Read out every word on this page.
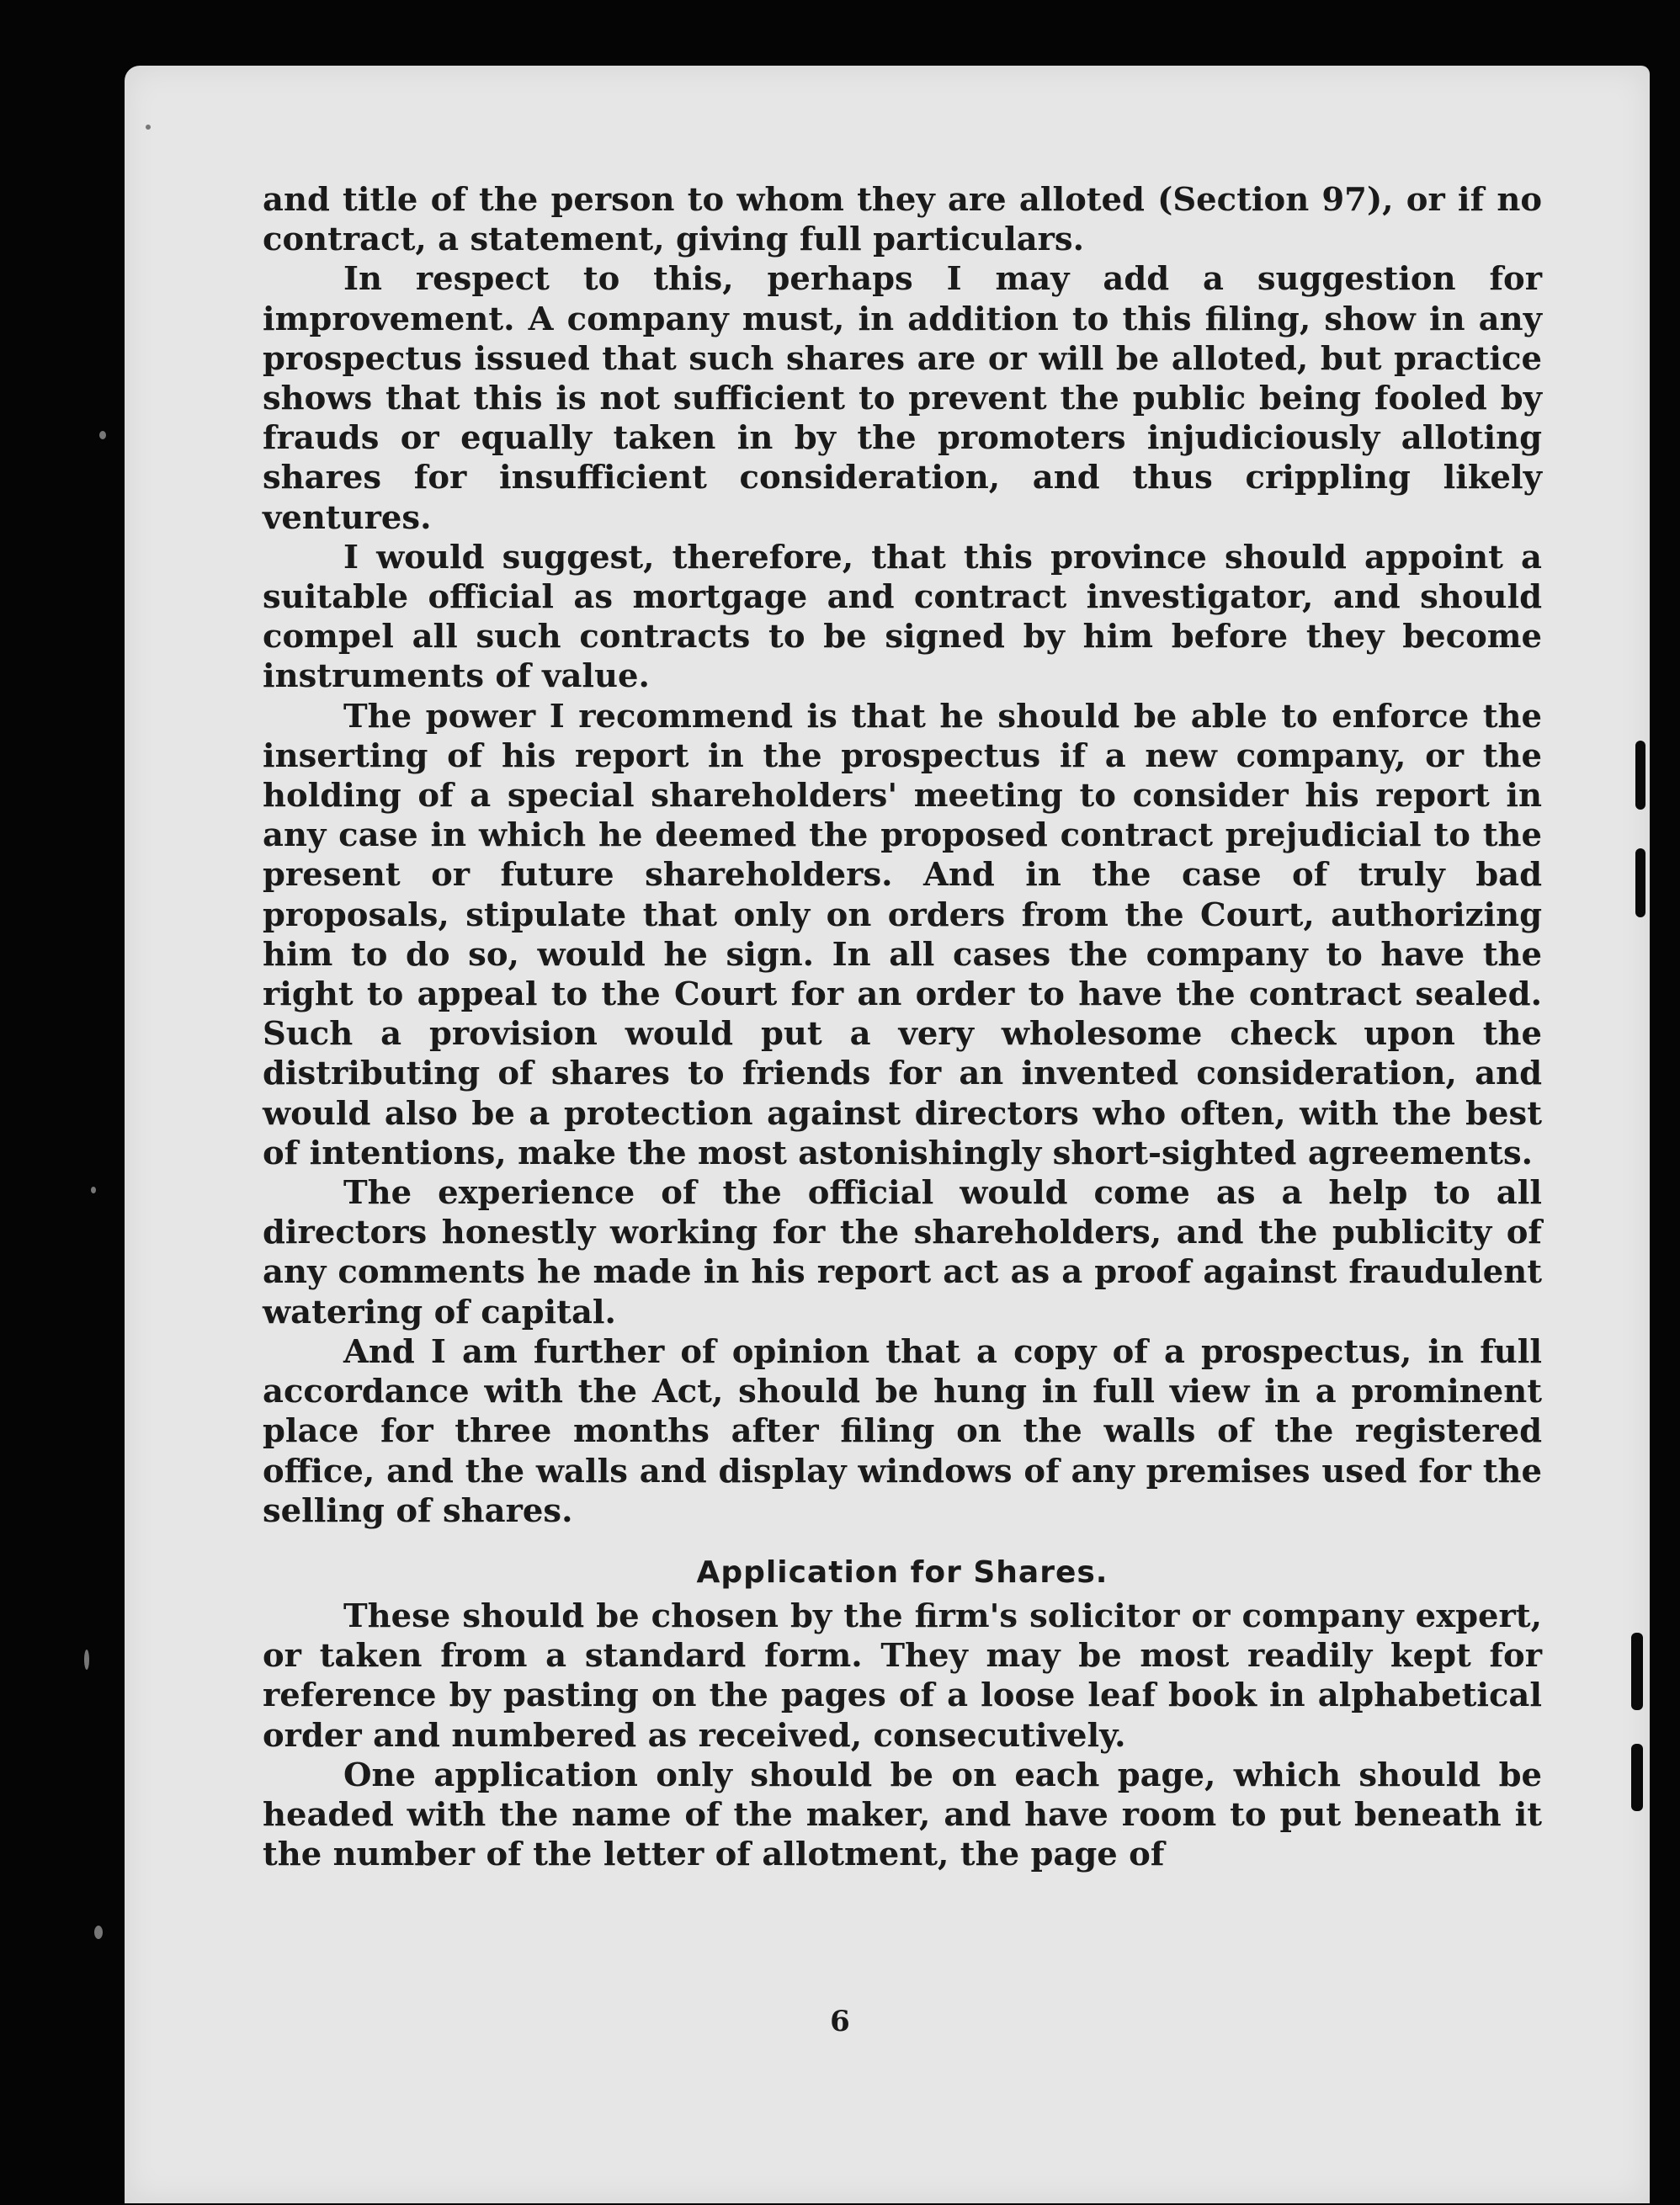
and title of the person to whom they are alloted (Section 97), or if no contract, a statement, giving full particulars.

In respect to this, perhaps I may add a suggestion for improvement. A company must, in addition to this filing, show in any prospectus issued that such shares are or will be alloted, but practice shows that this is not sufficient to prevent the public being fooled by frauds or equally taken in by the promoters injudiciously alloting shares for insufficient consideration, and thus crippling likely ventures.

I would suggest, therefore, that this province should appoint a suitable official as mortgage and contract investigator, and should compel all such contracts to be signed by him before they become instruments of value.

The power I recommend is that he should be able to enforce the inserting of his report in the prospectus if a new company, or the holding of a special shareholders' meeting to consider his report in any case in which he deemed the proposed contract prejudicial to the present or future shareholders. And in the case of truly bad proposals, stipulate that only on orders from the Court, authorizing him to do so, would he sign. In all cases the company to have the right to appeal to the Court for an order to have the contract sealed. Such a provision would put a very wholesome check upon the distributing of shares to friends for an invented consideration, and would also be a protection against directors who often, with the best of intentions, make the most astonishingly short-sighted agreements.

The experience of the official would come as a help to all directors honestly working for the shareholders, and the publicity of any comments he made in his report act as a proof against fraudulent watering of capital.

And I am further of opinion that a copy of a prospectus, in full accordance with the Act, should be hung in full view in a prominent place for three months after filing on the walls of the registered office, and the walls and display windows of any premises used for the selling of shares.

Application for Shares.

These should be chosen by the firm's solicitor or company expert, or taken from a standard form. They may be most readily kept for reference by pasting on the pages of a loose leaf book in alphabetical order and numbered as received, consecutively.

One application only should be on each page, which should be headed with the name of the maker, and have room to put beneath it the number of the letter of allotment, the page of

6
